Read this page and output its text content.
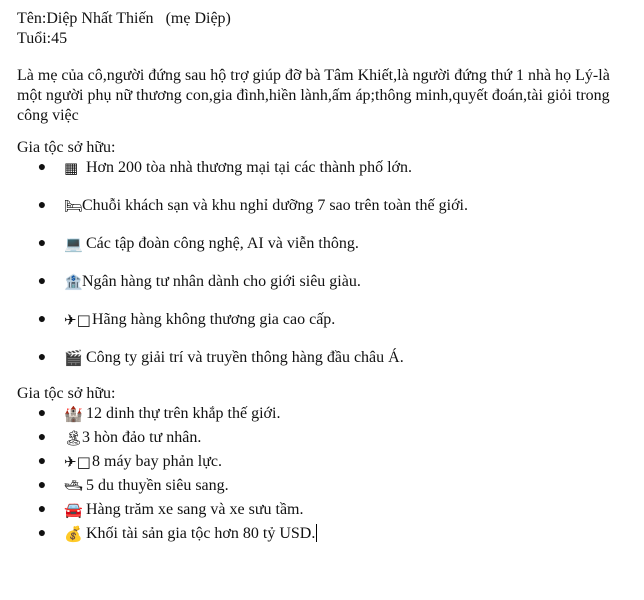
Tên:Diệp Nhất Thiến (mẹ Diệp)
Tuổi:45
Là mẹ của cô,người đứng sau hộ trợ giúp đỡ bà Tâm Khiết,là người đứng thứ 1 nhà họ Lý-là một người phụ nữ thương con,gia đình,hiền lành,ấm áp;thông minh,quyết đoán,tài giỏi trong công việc
Gia tộc sở hữu:
● ▦ Hơn 200 tòa nhà thương mại tại các thành phố lớn.
● 🛏Chuỗi khách sạn và khu nghỉ dưỡng 7 sao trên toàn thế giới.
● 💻 Các tập đoàn công nghệ, AI và viễn thông.
● 🏦Ngân hàng tư nhân dành cho giới siêu giàu.
● ✈□ Hãng hàng không thương gia cao cấp.
● 🎬 Công ty giải trí và truyền thông hàng đầu châu Á.
Gia tộc sở hữu:
● 🏰 12 dinh thự trên khắp thế giới.
● 🏝3 hòn đảo tư nhân.
● ✈□ 8 máy bay phản lực.
● 🛥 5 du thuyền siêu sang.
● 🚘 Hàng trăm xe sang và xe sưu tầm.
● 💰 Khối tài sản gia tộc hơn 80 tỷ USD.
